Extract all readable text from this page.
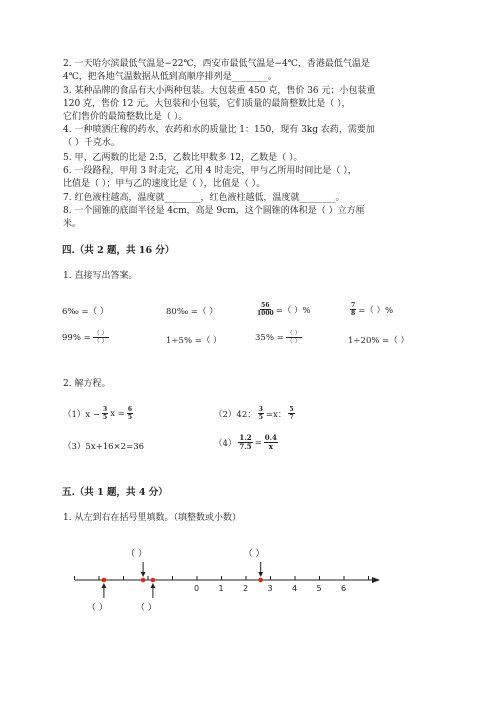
2. 一天哈尔滨最低气温是−22℃，西安市最低气温是−4℃，香港最低气温是
4℃，把各地气温数据从低到高顺序排列是________。
3. 某种品牌的食品有大小两种包装。大包装重 450 克，售价 36 元；小包装重
120 克，售价 12 元。大包装和小包装，它们质量的最简整数比是（ ），
它们售价的最简整数比是（ ）。
4. 一种喷洒庄稼的药水，农药和水的质量比 1：150，现有 3kg 农药，需要加
（ ）千克水。
5. 甲、乙两数的比是 2:5，乙数比甲数多 12，乙数是（ ）。
6. 一段路程，甲用 3 时走完，乙用 4 时走完，甲与乙所用时间比是（ ），
比值是（ ）；甲与乙的速度比是（ ），比值是（ ）。
7. 红色液柱越高，温度就________，红色液柱越低，温度就________。
8. 一个圆锥的底面半径是 4cm，高是 9cm，这个圆锥的体积是（ ）立方厘
米。
四.（共 2 题，共 16 分）
1. 直接写出答案。
6‰ =（ ）	80‰ =（ ）	$\frac{56}{1000}$ =（ ）%	$\frac{7}{8}$ =（ ）%
$99\% = \frac{( )}{( )}$	1÷5% =（ ）	$35\% = \frac{( )}{( )}$	1÷20% =（ ）
2. 解方程。
$(1)x - \frac{3}{5}$ $x = \frac{6}{5}$	（2）42： $\frac{3}{5} =x$： $\frac{5}{7}$
（3）5x+16×2=36	$(4) \frac{1.2}{7.5} = \frac{0.4}{x}$
五.（共 1 题，共 4 分）
1. 从左到右在括号里填数。（填整数或小数）
0 1 2 3 4 5 6
（ ）	（ ）
（ ）	（ ）
